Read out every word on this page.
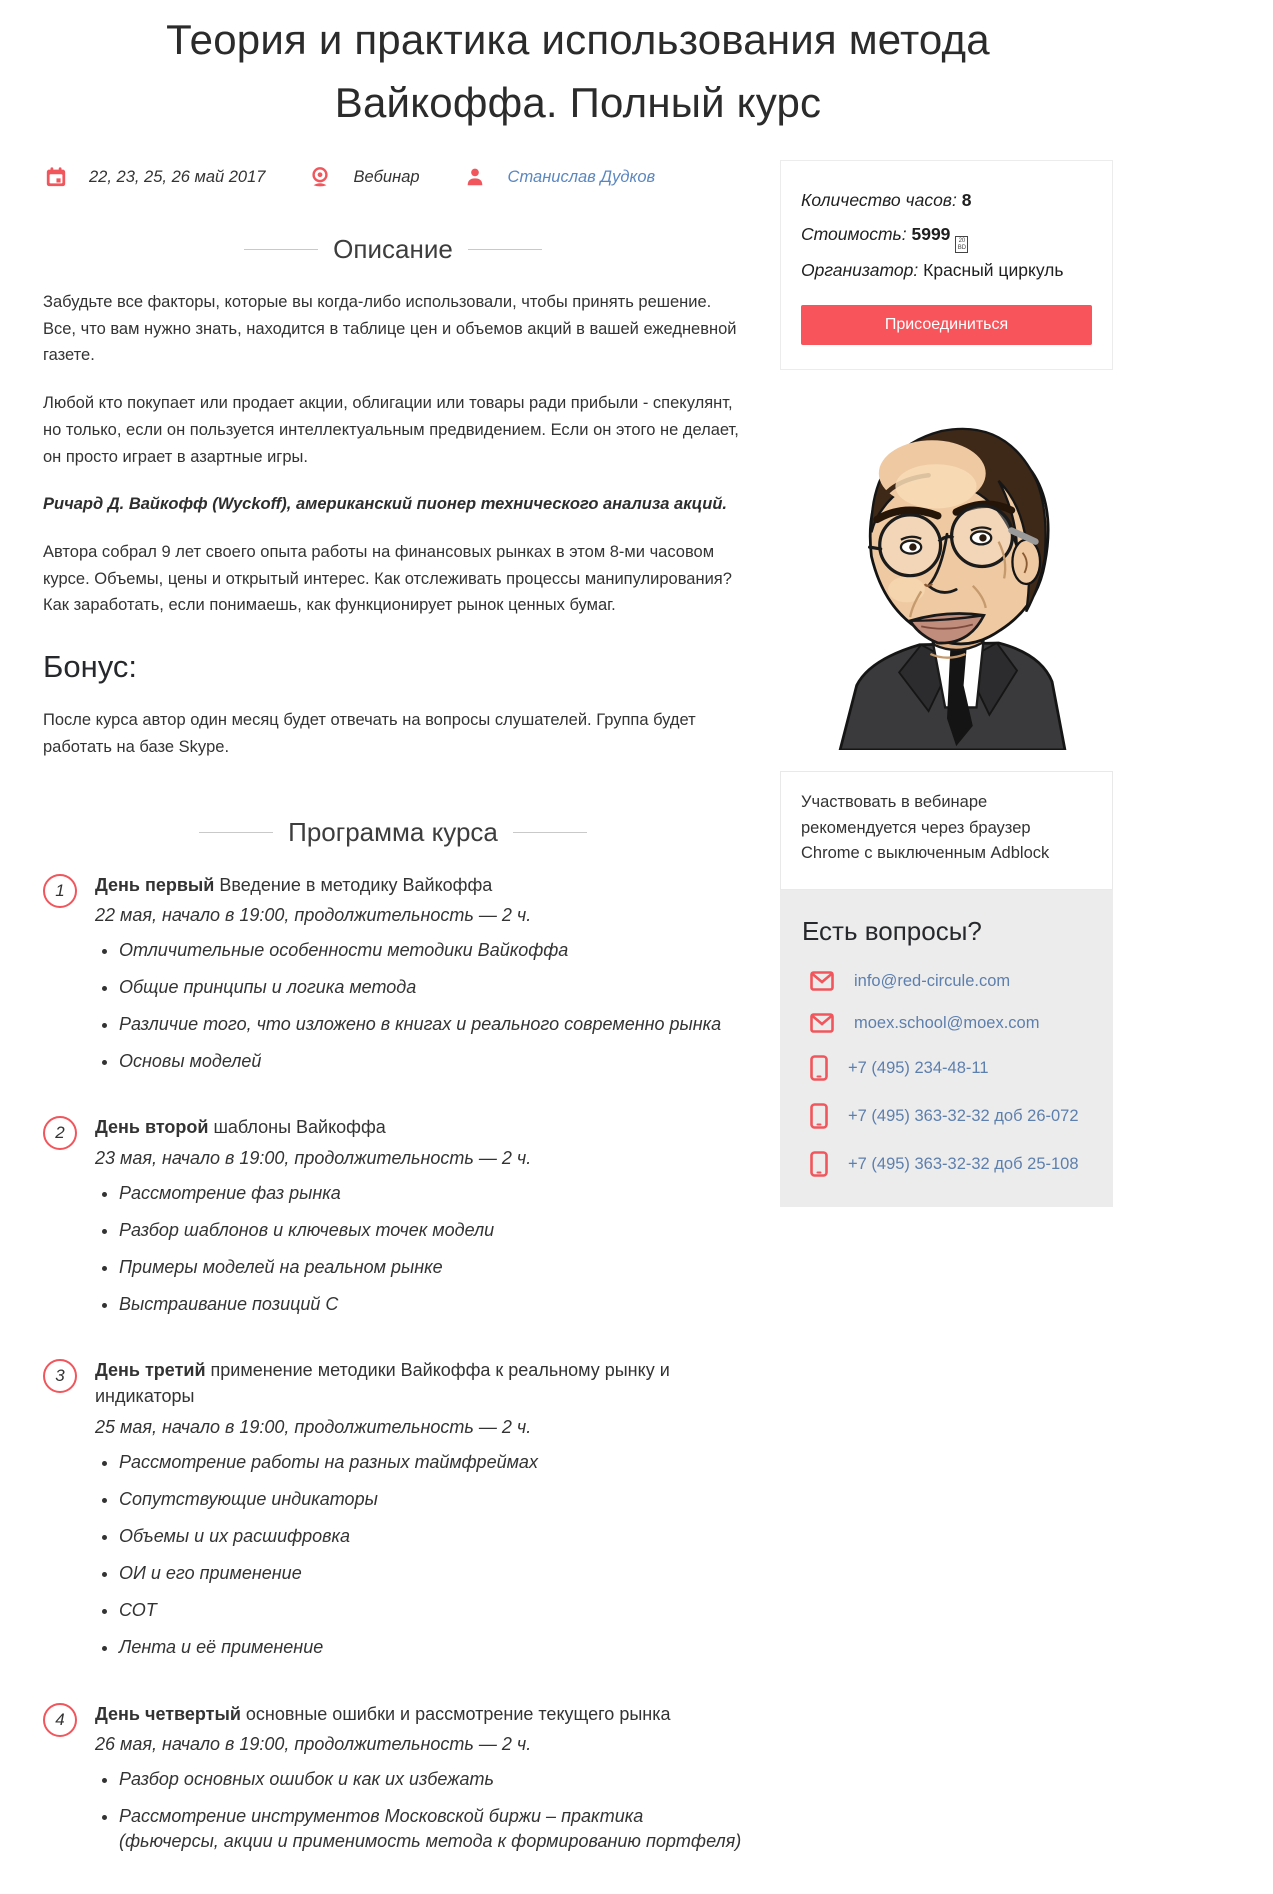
Теория и практика использования метода Вайкоффа. Полный курс
22, 23, 25, 26 май 2017	Вебинар	Станислав Дудков
Описание

Забудьте все факторы, которые вы когда-либо использовали, чтобы принять решение. Все, что вам нужно знать, находится в таблице цен и объемов акций в вашей ежедневной газете.

Любой кто покупает или продает акции, облигации или товары ради прибыли - спекулянт, но только, если он пользуется интеллектуальным предвидением. Если он этого не делает, он просто играет в азартные игры.

Ричард Д. Вайкофф (Wyckoff), американский пионер технического анализа акций.

Автора собрал 9 лет своего опыта работы на финансовых рынках в этом 8-ми часовом курсе. Объемы, цены и открытый интерес. Как отслеживать процессы манипулирования? Как заработать, если понимаешь, как функционирует рынок ценных бумаг.

Бонус:

После курса автор один месяц будет отвечать на вопросы слушателей. Группа будет работать на базе Skype.

Программа курса
1	День первый Введение в методику Вайкоффа
22 мая, начало в 19:00, продолжительность — 2 ч.
• Отличительные особенности методики Вайкоффа
• Общие принципы и логика метода
• Различие того, что изложено в книгах и реального современно рынка
• Основы моделей
2	День второй шаблоны Вайкоффа
23 мая, начало в 19:00, продолжительность — 2 ч.
• Рассмотрение фаз рынка
• Разбор шаблонов и ключевых точек модели
• Примеры моделей на реальном рынке
• Выстраивание позиций С
3	День третий применение методики Вайкоффа к реальному рынку и индикаторы
25 мая, начало в 19:00, продолжительность — 2 ч.
• Рассмотрение работы на разных таймфреймах
• Сопутствующие индикаторы
• Объемы и их расшифровка
• ОИ и его применение
• СОТ
• Лента и её применение
4	День четвертый основные ошибки и рассмотрение текущего рынка
26 мая, начало в 19:00, продолжительность — 2 ч.
• Разбор основных ошибок и как их избежать
• Рассмотрение инструментов Московской биржи – практика (фьючерсы, акции и применимость метода к формированию портфеля)
Количество часов: 8
Стоимость: 5999 20
BD
Организатор: Красный циркуль
Присоединиться
Участвовать в вебинаре рекомендуется через браузер Chrome с выключенным Adblock
Есть вопросы?
info@red-circule.com
moex.school@moex.com
+7 (495) 234-48-11
+7 (495) 363-32-32 доб 26-072
+7 (495) 363-32-32 доб 25-108
